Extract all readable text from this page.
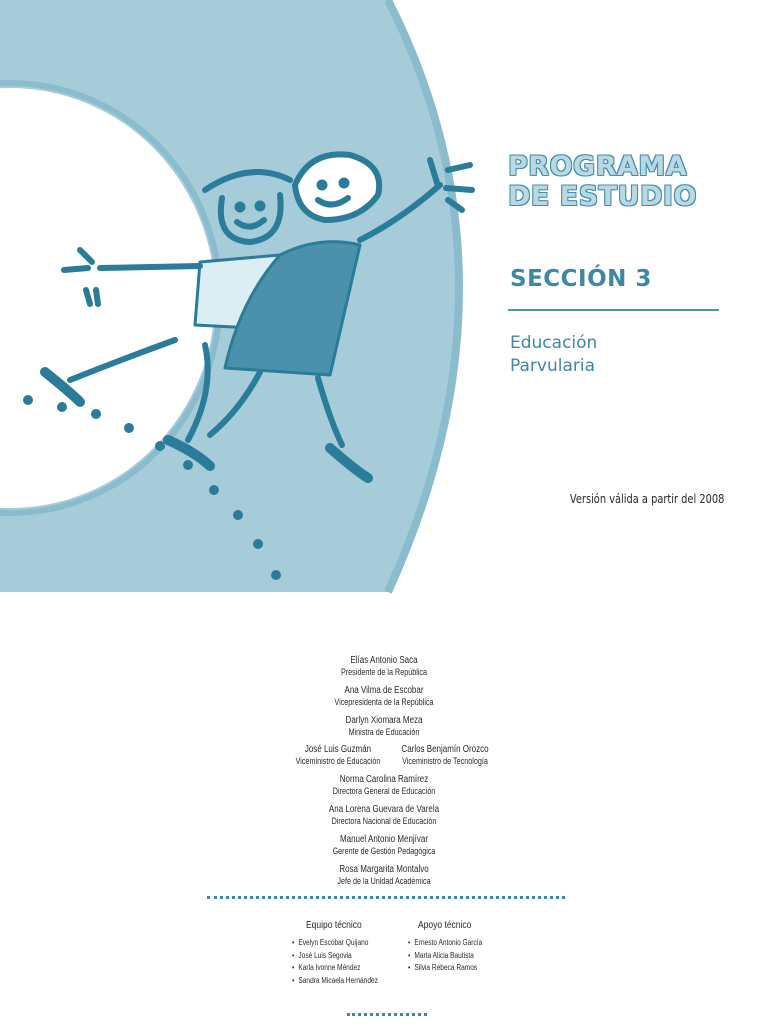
PROGRAMA
DE ESTUDIO
SECCIÓN 3
Educación
Parvularia
Versión válida a partir del 2008
Elías Antonio Saca
Presidente de la República
Ana Vilma de Escobar
Vicepresidenta de la República
Darlyn Xiomara Meza
Ministra de Educación
José Luis Guzmán
Viceministro de Educación
Carlos Benjamín Orozco
Viceministro de Tecnología
Norma Carolina Ramírez
Directora General de Educación
Ana Lorena Guevara de Varela
Directora Nacional de Educación
Manuel Antonio Menjívar
Gerente de Gestión Pedagógica
Rosa Margarita Montalvo
Jefe de la Unidad Académica
Equipo técnico
• Evelyn Escobar Quijano
• José Luis Segovia
• Karla Ivonne Méndez
• Sandra Micaela Hernández
Apoyo técnico
• Ernesto Antonio García
• Marta Alicia Bautista
• Silvia Rebeca Ramos
